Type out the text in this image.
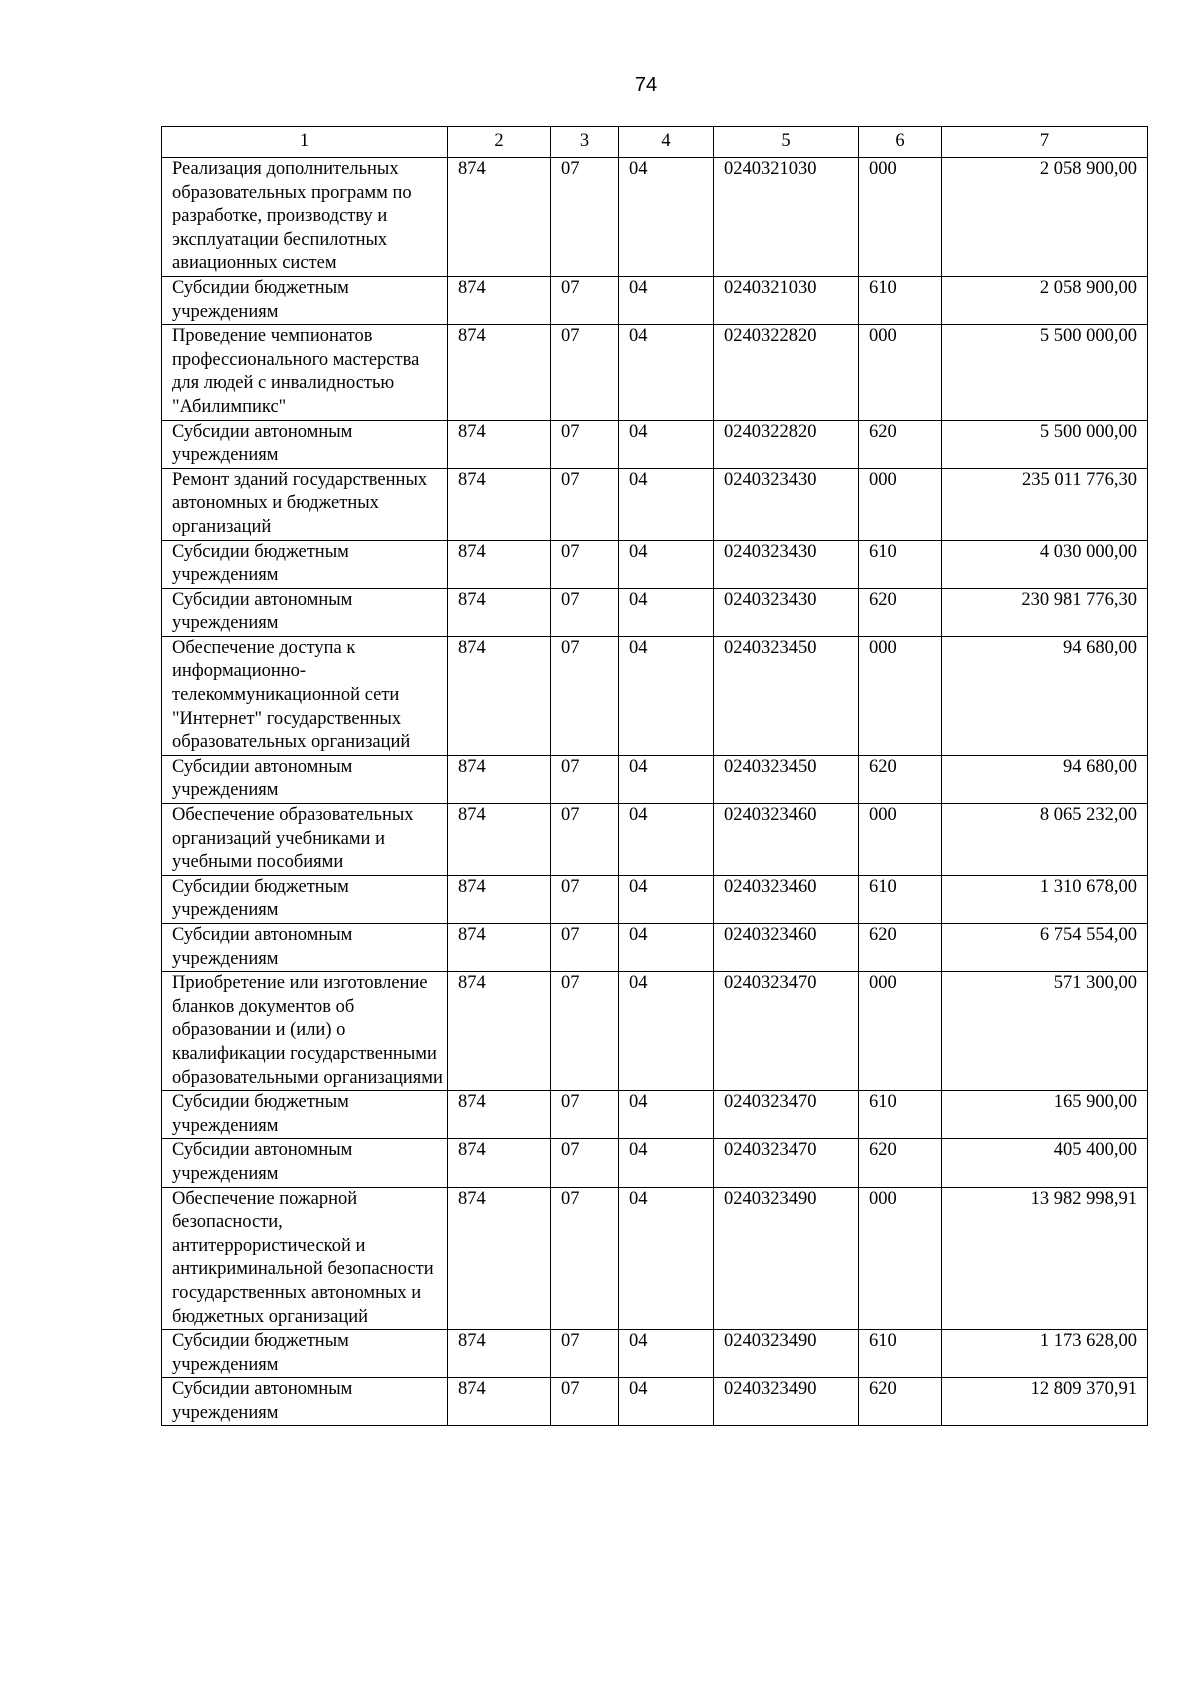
74
1	2	3	4	5	6	7
Реализация дополнительных образовательных программ по разработке, производству и эксплуатации беспилотных авиационных систем	874	07	04	0240321030	000	2 058 900,00
Субсидии бюджетным учреждениям	874	07	04	0240321030	610	2 058 900,00
Проведение чемпионатов профессионального мастерства для людей с инвалидностью "Абилимпикс"	874	07	04	0240322820	000	5 500 000,00
Субсидии автономным учреждениям	874	07	04	0240322820	620	5 500 000,00
Ремонт зданий государственных автономных и бюджетных организаций	874	07	04	0240323430	000	235 011 776,30
Субсидии бюджетным учреждениям	874	07	04	0240323430	610	4 030 000,00
Субсидии автономным учреждениям	874	07	04	0240323430	620	230 981 776,30
Обеспечение доступа к информационно-телекоммуникационной сети "Интернет" государственных образовательных организаций	874	07	04	0240323450	000	94 680,00
Субсидии автономным учреждениям	874	07	04	0240323450	620	94 680,00
Обеспечение образовательных организаций учебниками и учебными пособиями	874	07	04	0240323460	000	8 065 232,00
Субсидии бюджетным учреждениям	874	07	04	0240323460	610	1 310 678,00
Субсидии автономным учреждениям	874	07	04	0240323460	620	6 754 554,00
Приобретение или изготовление бланков документов об образовании и (или) о квалификации государственными образовательными организациями	874	07	04	0240323470	000	571 300,00
Субсидии бюджетным учреждениям	874	07	04	0240323470	610	165 900,00
Субсидии автономным учреждениям	874	07	04	0240323470	620	405 400,00
Обеспечение пожарной безопасности, антитеррористической и антикриминальной безопасности государственных автономных и бюджетных организаций	874	07	04	0240323490	000	13 982 998,91
Субсидии бюджетным учреждениям	874	07	04	0240323490	610	1 173 628,00
Субсидии автономным учреждениям	874	07	04	0240323490	620	12 809 370,91
